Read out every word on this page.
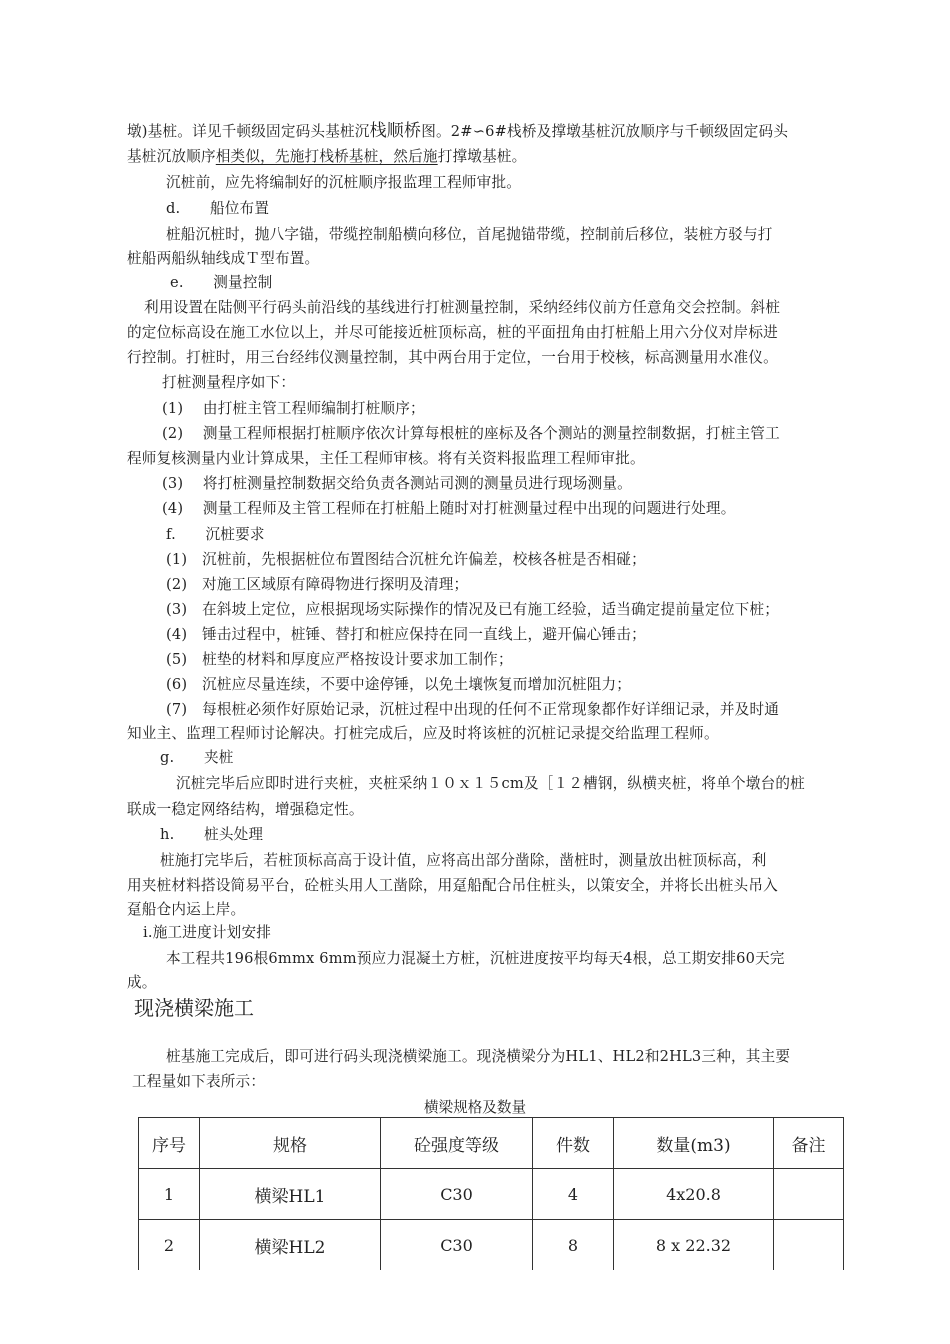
墩)基桩。详见千顿级固定码头基桩沉栈顺桥图。2#∽6#栈桥及撑墩基桩沉放顺序与千顿级固定码头
基桩沉放顺序相类似，先施打栈桥基桩，然后施打撑墩基桩。
沉桩前，应先将编制好的沉桩顺序报监理工程师审批。
d.　　船位布置
桩船沉桩时，抛八字锚，带缆控制船横向移位，首尾抛锚带缆，控制前后移位，装桩方驳与打
桩船两船纵轴线成Ｔ型布置。
e.　　测量控制
利用设置在陆侧平行码头前沿线的基线进行打桩测量控制，采纳经纬仪前方任意角交会控制。斜桩
的定位标高设在施工水位以上，并尽可能接近桩顶标高，桩的平面扭角由打桩船上用六分仪对岸标进
行控制。打桩时，用三台经纬仪测量控制，其中两台用于定位，一台用于校核，标高测量用水准仪。
打桩测量程序如下：
(1)　 由打桩主管工程师编制打桩顺序；
(2)　 测量工程师根据打桩顺序依次计算每根桩的座标及各个测站的测量控制数据，打桩主管工
程师复核测量内业计算成果，主任工程师审核。将有关资料报监理工程师审批。
(3)　 将打桩测量控制数据交给负责各测站司测的测量员进行现场测量。
(4)　 测量工程师及主管工程师在打桩船上随时对打桩测量过程中出现的问题进行处理。
f.　　沉桩要求
(1)　沉桩前，先根据桩位布置图结合沉桩允许偏差，校核各桩是否相碰；
(2)　对施工区域原有障碍物进行探明及清理；
(3)　在斜坡上定位，应根据现场实际操作的情况及已有施工经验，适当确定提前量定位下桩；
(4)　锤击过程中，桩锤、替打和桩应保持在同一直线上，避开偏心锤击；
(5)　桩垫的材料和厚度应严格按设计要求加工制作；
(6)　沉桩应尽量连续，不要中途停锤，以免土壤恢复而增加沉桩阻力；
(7)　每根桩必须作好原始记录，沉桩过程中出现的任何不正常现象都作好详细记录，并及时通
知业主、监理工程师讨论解决。打桩完成后，应及时将该桩的沉桩记录提交给监理工程师。
g.　　夹桩
沉桩完毕后应即时进行夹桩，夹桩采纳１０ｘ１５cm及［１２槽钢，纵横夹桩，将单个墩台的桩
联成一稳定网络结构，增强稳定性。
h.　　桩头处理
桩施打完毕后，若桩顶标高高于设计值，应将高出部分凿除，凿桩时，测量放出桩顶标高，利
用夹桩材料搭设简易平台，砼桩头用人工凿除，用趸船配合吊住桩头，以策安全，并将长出桩头吊入
趸船仓内运上岸。
i.施工进度计划安排
本工程共196根6mmx 6mm预应力混凝土方桩，沉桩进度按平均每天4根，总工期安排60天完
成。
现浇横梁施工
桩基施工完成后，即可进行码头现浇横梁施工。现浇横梁分为HL1、HL2和2HL3三种，其主要
工程量如下表所示：
横梁规格及数量
序号	规格	砼强度等级	件数	数量(m3)	备注
1	横梁HL1	C30	4	4x20.8	
2	横梁HL2	C30	8	8 x 22.32	
